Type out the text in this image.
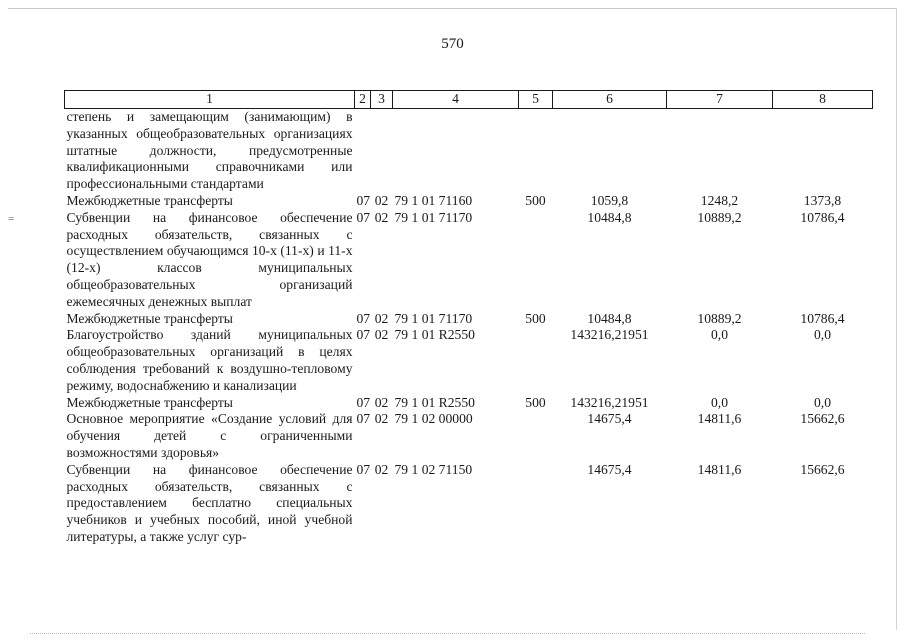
=
570
1	2	3	4	5	6	7	8
степень и замещающим (занимающим) в указанных общеобразовательных организациях штатные должности, предусмотренные квалификационными справочниками или профессиональными стандартами							
Межбюджетные трансферты	07	02	79 1 01 71160	500	1059,8	1248,2	1373,8
Субвенции на финансовое обеспечение расходных обязательств, связанных с осуществлением обучающимся 10-х (11-х) и 11-х (12-х) классов муниципальных общеобразовательных организаций ежемесячных денежных выплат	07	02	79 1 01 71170		10484,8	10889,2	10786,4
Межбюджетные трансферты	07	02	79 1 01 71170	500	10484,8	10889,2	10786,4
Благоустройство зданий муниципальных общеобразовательных организаций в целях соблюдения требований к воздушно-тепловому режиму, водоснабжению и канализации	07	02	79 1 01 R2550		143216,21951	0,0	0,0
Межбюджетные трансферты	07	02	79 1 01 R2550	500	143216,21951	0,0	0,0
Основное мероприятие «Создание условий для обучения детей с ограниченными возможностями здоровья»	07	02	79 1 02 00000		14675,4	14811,6	15662,6
Субвенции на финансовое обеспечение расходных обязательств, связанных с предоставлением бесплатно специальных учебников и учебных пособий, иной учебной литературы, а также услуг сур-	07	02	79 1 02 71150		14675,4	14811,6	15662,6
